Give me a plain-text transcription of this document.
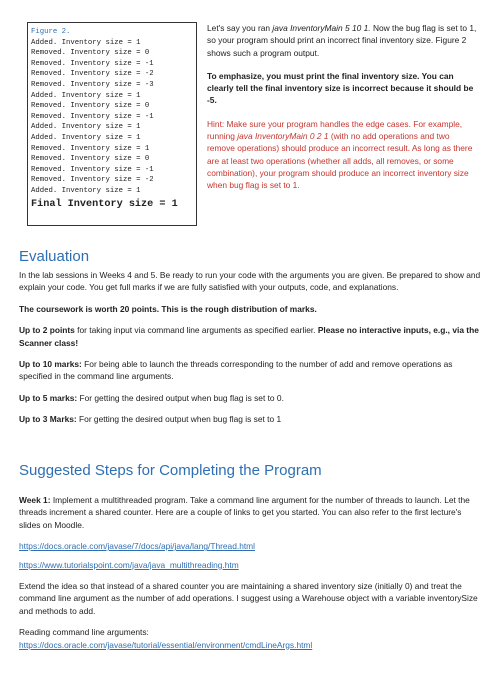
Figure 2.
Added. Inventory size = 1
Removed. Inventory size = 0
Removed. Inventory size = -1
Removed. Inventory size = -2
Removed. Inventory size = -3
Added. Inventory size = 1
Removed. Inventory size = 0
Removed. Inventory size = -1
Added. Inventory size = 1
Added. Inventory size = 1
Removed. Inventory size = 1
Removed. Inventory size = 0
Removed. Inventory size = -1
Removed. Inventory size = -2
Added. Inventory size = 1
Final Inventory size = 1

Let's say you ran java InventoryMain 5 10 1. Now the bug flag is set to 1, so your program should print an incorrect final inventory size. Figure 2 shows such a program output.

To emphasize, you must print the final inventory size. You can clearly tell the final inventory size is incorrect because it should be -5.

Hint: Make sure your program handles the edge cases. For example, running java InventoryMain 0 2 1 (with no add operations and two remove operations) should produce an incorrect result. As long as there are at least two operations (whether all adds, all removes, or some combination), your program should produce an incorrect inventory size when bug flag is set to 1.

Evaluation

In the lab sessions in Weeks 4 and 5. Be ready to run your code with the arguments you are given. Be prepared to show and explain your code. You get full marks if we are fully satisfied with your outputs, code, and explanations.

The coursework is worth 20 points. This is the rough distribution of marks.

Up to 2 points for taking input via command line arguments as specified earlier. Please no interactive inputs, e.g., via the Scanner class!

Up to 10 marks: For being able to launch the threads corresponding to the number of add and remove operations as specified in the command line arguments.

Up to 5 marks: For getting the desired output when bug flag is set to 0.

Up to 3 Marks: For getting the desired output when bug flag is set to 1

Suggested Steps for Completing the Program

Week 1: Implement a multithreaded program. Take a command line argument for the number of threads to launch. Let the threads increment a shared counter. Here are a couple of links to get you started. You can also refer to the first lecture's slides on Moodle.

https://docs.oracle.com/javase/7/docs/api/java/lang/Thread.html

https://www.tutorialspoint.com/java/java_multithreading.htm

Extend the idea so that instead of a shared counter you are maintaining a shared inventory size (initially 0) and treat the command line argument as the number of add operations. I suggest using a Warehouse object with a variable inventorySize and methods to add.

Reading command line arguments:

https://docs.oracle.com/javase/tutorial/essential/environment/cmdLineArgs.html
